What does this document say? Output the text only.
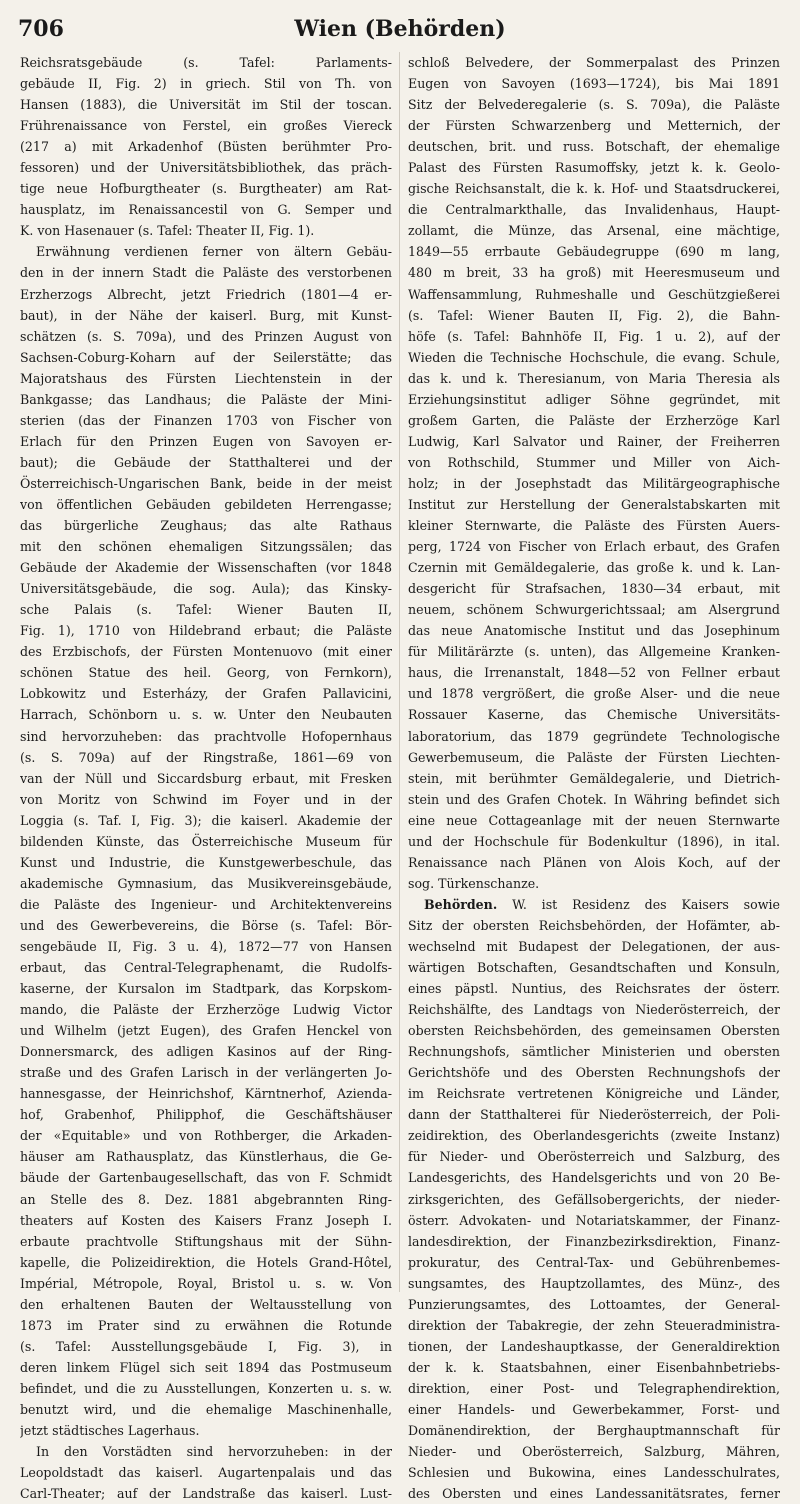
706	Wien (Behörden)
Reichsratsgebäude (s. Tafel: Parlaments-
gebäude II, Fig. 2) in griech. Stil von Th. von
Hansen (1883), die Universität im Stil der toscan.
Frührenaissance von Ferstel, ein großes Viereck
(217 a) mit Arkadenhof (Büsten berühmter Pro-
fessoren) und der Universitätsbibliothek, das präch-
tige neue Hofburgtheater (s. Burgtheater) am Rat-
hausplatz, im Renaissancestil von G. Semper und
K. von Hasenauer (s. Tafel: Theater II, Fig. 1).
Erwähnung verdienen ferner von ältern Gebäu-
den in der innern Stadt die Paläste des verstorbenen
Erzherzogs Albrecht, jetzt Friedrich (1801—4 er-
baut), in der Nähe der kaiserl. Burg, mit Kunst-
schätzen (s. S. 709a), und des Prinzen August von
Sachsen-Coburg-Koharn auf der Seilerstätte; das
Majoratshaus des Fürsten Liechtenstein in der
Bankgasse; das Landhaus; die Paläste der Mini-
sterien (das der Finanzen 1703 von Fischer von
Erlach für den Prinzen Eugen von Savoyen er-
baut); die Gebäude der Statthalterei und der
Österreichisch-Ungarischen Bank, beide in der meist
von öffentlichen Gebäuden gebildeten Herrengasse;
das bürgerliche Zeughaus; das alte Rathaus
mit den schönen ehemaligen Sitzungssälen; das
Gebäude der Akademie der Wissenschaften (vor 1848
Universitätsgebäude, die sog. Aula); das Kinsky-
sche Palais (s. Tafel: Wiener Bauten II,
Fig. 1), 1710 von Hildebrand erbaut; die Paläste
des Erzbischofs, der Fürsten Montenuovo (mit einer
schönen Statue des heil. Georg, von Fernkorn),
Lobkowitz und Esterházy, der Grafen Pallavicini,
Harrach, Schönborn u. s. w. Unter den Neubauten
sind hervorzuheben: das prachtvolle Hofopernhaus
(s. S. 709a) auf der Ringstraße, 1861—69 von
van der Nüll und Siccardsburg erbaut, mit Fresken
von Moritz von Schwind im Foyer und in der
Loggia (s. Taf. I, Fig. 3); die kaiserl. Akademie der
bildenden Künste, das Österreichische Museum für
Kunst und Industrie, die Kunstgewerbeschule, das
akademische Gymnasium, das Musikvereinsgebäude,
die Paläste des Ingenieur- und Architektenvereins
und des Gewerbevereins, die Börse (s. Tafel: Bör-
sengebäude II, Fig. 3 u. 4), 1872—77 von Hansen
erbaut, das Central-Telegraphenamt, die Rudolfs-
kaserne, der Kursalon im Stadtpark, das Korpskom-
mando, die Paläste der Erzherzöge Ludwig Victor
und Wilhelm (jetzt Eugen), des Grafen Henckel von
Donnersmarck, des adligen Kasinos auf der Ring-
straße und des Grafen Larisch in der verlängerten Jo-
hannesgasse, der Heinrichshof, Kärntnerhof, Azienda-
hof, Grabenhof, Philipphof, die Geschäftshäuser
der «Equitable» und von Rothberger, die Arkaden-
häuser am Rathausplatz, das Künstlerhaus, die Ge-
bäude der Gartenbaugesellschaft, das von F. Schmidt
an Stelle des 8. Dez. 1881 abgebrannten Ring-
theaters auf Kosten des Kaisers Franz Joseph I.
erbaute prachtvolle Stiftungshaus mit der Sühn-
kapelle, die Polizeidirektion, die Hotels Grand-Hôtel,
Impérial, Métropole, Royal, Bristol u. s. w. Von
den erhaltenen Bauten der Weltausstellung von
1873 im Prater sind zu erwähnen die Rotunde
(s. Tafel: Ausstellungsgebäude I, Fig. 3), in
deren linkem Flügel sich seit 1894 das Postmuseum
befindet, und die zu Ausstellungen, Konzerten u. s. w.
benutzt wird, und die ehemalige Maschinenhalle,
jetzt städtisches Lagerhaus.
In den Vorstädten sind hervorzuheben: in der
Leopoldstadt das kaiserl. Augartenpalais und das
Carl-Theater; auf der Landstraße das kaiserl. Lust-
schloß Belvedere, der Sommerpalast des Prinzen
Eugen von Savoyen (1693—1724), bis Mai 1891
Sitz der Belvederegalerie (s. S. 709a), die Paläste
der Fürsten Schwarzenberg und Metternich, der
deutschen, brit. und russ. Botschaft, der ehemalige
Palast des Fürsten Rasumoffsky, jetzt k. k. Geolo-
gische Reichsanstalt, die k. k. Hof- und Staatsdruckerei,
die Centralmarkthalle, das Invalidenhaus, Haupt-
zollamt, die Münze, das Arsenal, eine mächtige,
1849—55 errbaute Gebäudegruppe (690 m lang,
480 m breit, 33 ha groß) mit Heeresmuseum und
Waffensammlung, Ruhmeshalle und Geschützgießerei
(s. Tafel: Wiener Bauten II, Fig. 2), die Bahn-
höfe (s. Tafel: Bahnhöfe II, Fig. 1 u. 2), auf der
Wieden die Technische Hochschule, die evang. Schule,
das k. und k. Theresianum, von Maria Theresia als
Erziehungsinstitut adliger Söhne gegründet, mit
großem Garten, die Paläste der Erzherzöge Karl
Ludwig, Karl Salvator und Rainer, der Freiherren
von Rothschild, Stummer und Miller von Aich-
holz; in der Josephstadt das Militärgeographische
Institut zur Herstellung der Generalstabskarten mit
kleiner Sternwarte, die Paläste des Fürsten Auers-
perg, 1724 von Fischer von Erlach erbaut, des Grafen
Czernin mit Gemäldegalerie, das große k. und k. Lan-
desgericht für Strafsachen, 1830—34 erbaut, mit
neuem, schönem Schwurgerichtssaal; am Alsergrund
das neue Anatomische Institut und das Josephinum
für Militärärzte (s. unten), das Allgemeine Kranken-
haus, die Irrenanstalt, 1848—52 von Fellner erbaut
und 1878 vergrößert, die große Alser- und die neue
Rossauer Kaserne, das Chemische Universitäts-
laboratorium, das 1879 gegründete Technologische
Gewerbemuseum, die Paläste der Fürsten Liechten-
stein, mit berühmter Gemäldegalerie, und Dietrich-
stein und des Grafen Chotek. In Währing befindet sich
eine neue Cottageanlage mit der neuen Sternwarte
und der Hochschule für Bodenkultur (1896), in ital.
Renaissance nach Plänen von Alois Koch, auf der
sog. Türkenschanze.
Behörden. W. ist Residenz des Kaisers sowie
Sitz der obersten Reichsbehörden, der Hofämter, ab-
wechselnd mit Budapest der Delegationen, der aus-
wärtigen Botschaften, Gesandtschaften und Konsuln,
eines päpstl. Nuntius, des Reichsrates der österr.
Reichshälfte, des Landtags von Niederösterreich, der
obersten Reichsbehörden, des gemeinsamen Obersten
Rechnungshofs, sämtlicher Ministerien und obersten
Gerichtshöfe und des Obersten Rechnungshofs der
im Reichsrate vertretenen Königreiche und Länder,
dann der Statthalterei für Niederösterreich, der Poli-
zeidirektion, des Oberlandesgerichts (zweite Instanz)
für Nieder- und Oberösterreich und Salzburg, des
Landesgerichts, des Handelsgerichts und von 20 Be-
zirksgerichten, des Gefällsobergerichts, der nieder-
österr. Advokaten- und Notariatskammer, der Finanz-
landesdirektion, der Finanzbezirksdirektion, Finanz-
prokuratur, des Central-Tax- und Gebührenbemes-
sungsamtes, des Hauptzollamtes, des Münz-, des
Punzierungsamtes, des Lottoamtes, der General-
direktion der Tabakregie, der zehn Steueradministra-
tionen, der Landeshauptkasse, der Generaldirektion
der k. k. Staatsbahnen, einer Eisenbahnbetriebs-
direktion, einer Post- und Telegraphendirektion,
einer Handels- und Gewerbekammer, Forst- und
Domänendirektion, der Berghauptmannschaft für
Nieder- und Oberösterreich, Salzburg, Mähren,
Schlesien und Bukowina, eines Landesschulrates,
des Obersten und eines Landessanitätsrates, ferner
